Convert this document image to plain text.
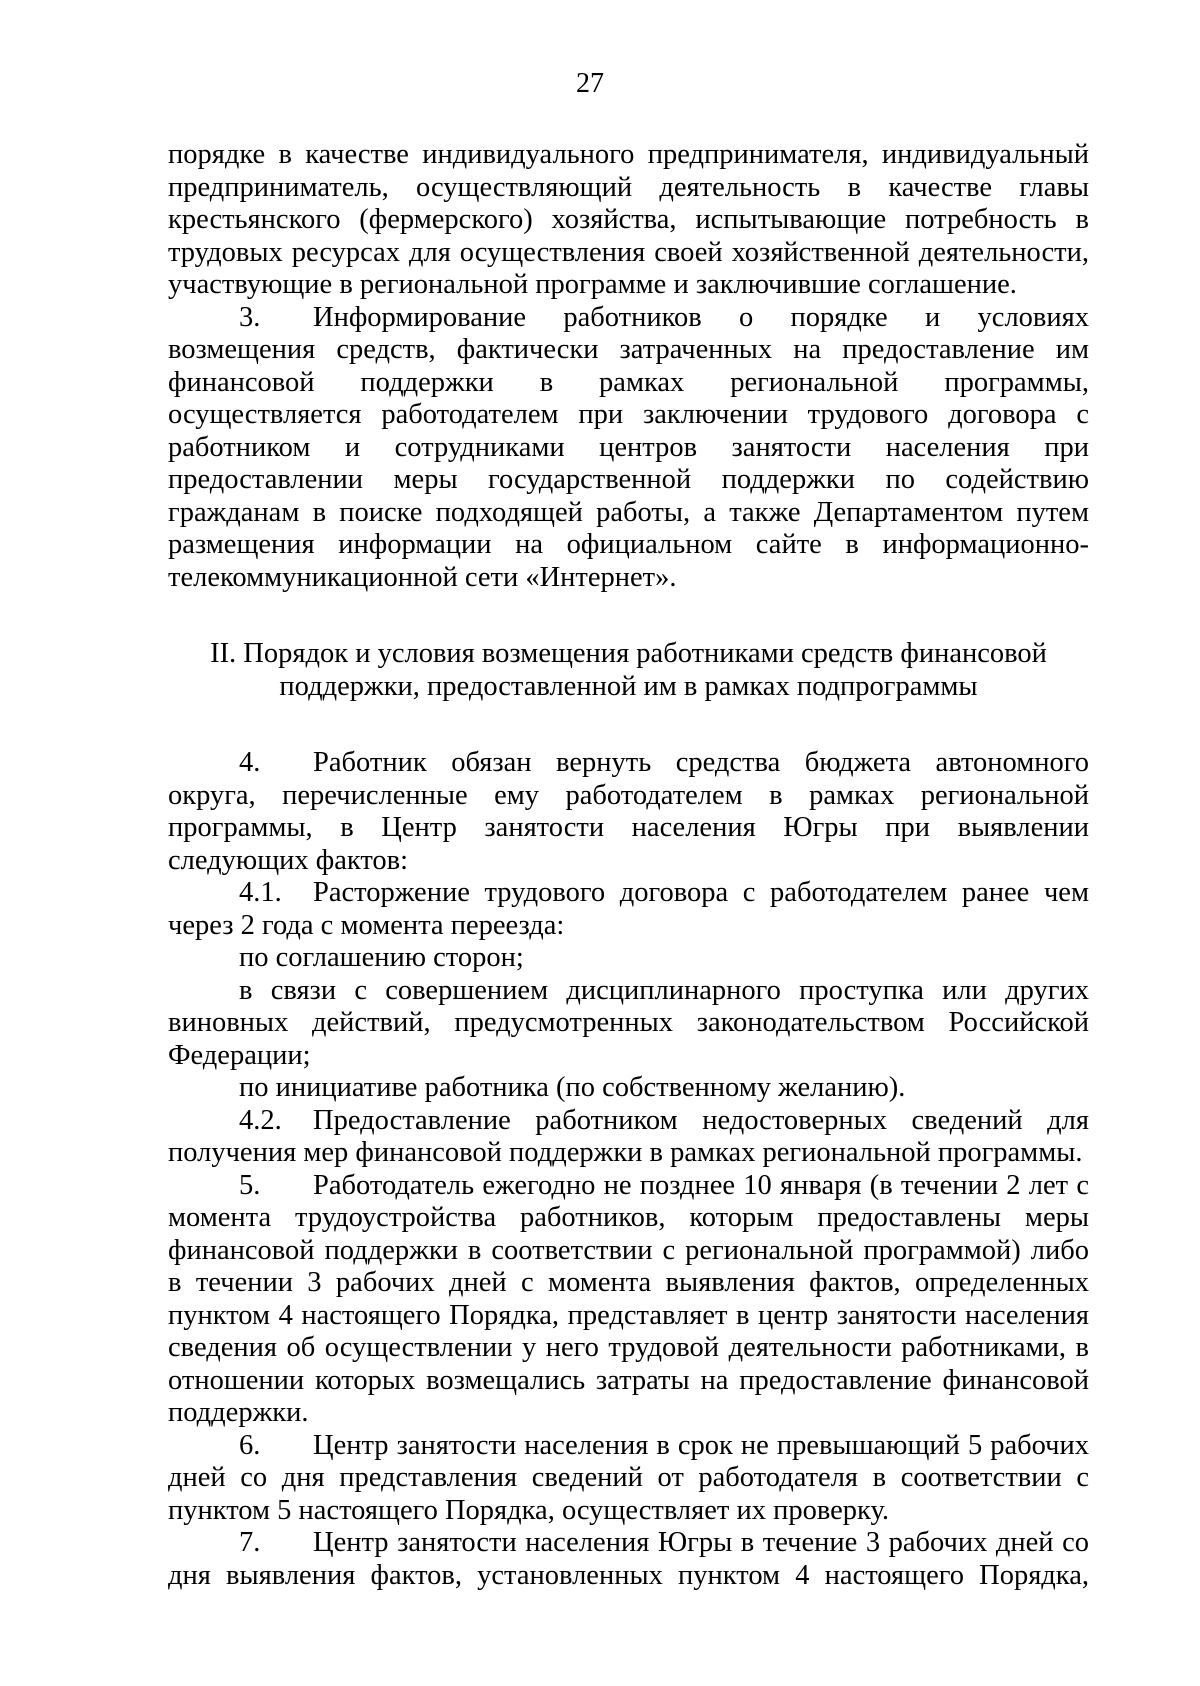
27

порядке в качестве индивидуального предпринимателя, индивидуальный предприниматель, осуществляющий деятельность в качестве главы крестьянского (фермерского) хозяйства, испытывающие потребность в трудовых ресурсах для осуществления своей хозяйственной деятельности, участвующие в региональной программе и заключившие соглашение.

3. Информирование работников о порядке и условиях возмещения средств, фактически затраченных на предоставление им финансовой поддержки в рамках региональной программы, осуществляется работодателем при заключении трудового договора с работником и сотрудниками центров занятости населения при предоставлении меры государственной поддержки по содействию гражданам в поиске подходящей работы, а также Департаментом путем размещения информации на официальном сайте в информационно-телекоммуникационной сети «Интернет».

II. Порядок и условия возмещения работниками средств финансовой
поддержки, предоставленной им в рамках подпрограммы

4. Работник обязан вернуть средства бюджета автономного округа, перечисленные ему работодателем в рамках региональной программы, в Центр занятости населения Югры при выявлении следующих фактов:

4.1. Расторжение трудового договора с работодателем ранее чем через 2 года с момента переезда:

по соглашению сторон;

в связи с совершением дисциплинарного проступка или других виновных действий, предусмотренных законодательством Российской Федерации;

по инициативе работника (по собственному желанию).

4.2. Предоставление работником недостоверных сведений для получения мер финансовой поддержки в рамках региональной программы.

5. Работодатель ежегодно не позднее 10 января (в течении 2 лет с момента трудоустройства работников, которым предоставлены меры финансовой поддержки в соответствии с региональной программой) либо в течении 3 рабочих дней с момента выявления фактов, определенных пунктом 4 настоящего Порядка, представляет в центр занятости населения сведения об осуществлении у него трудовой деятельности работниками, в отношении которых возмещались затраты на предоставление финансовой поддержки.

6. Центр занятости населения в срок не превышающий 5 рабочих дней со дня представления сведений от работодателя в соответствии с пунктом 5 настоящего Порядка, осуществляет их проверку.

7. Центр занятости населения Югры в течение 3 рабочих дней со дня выявления фактов, установленных пунктом 4 настоящего Порядка,
